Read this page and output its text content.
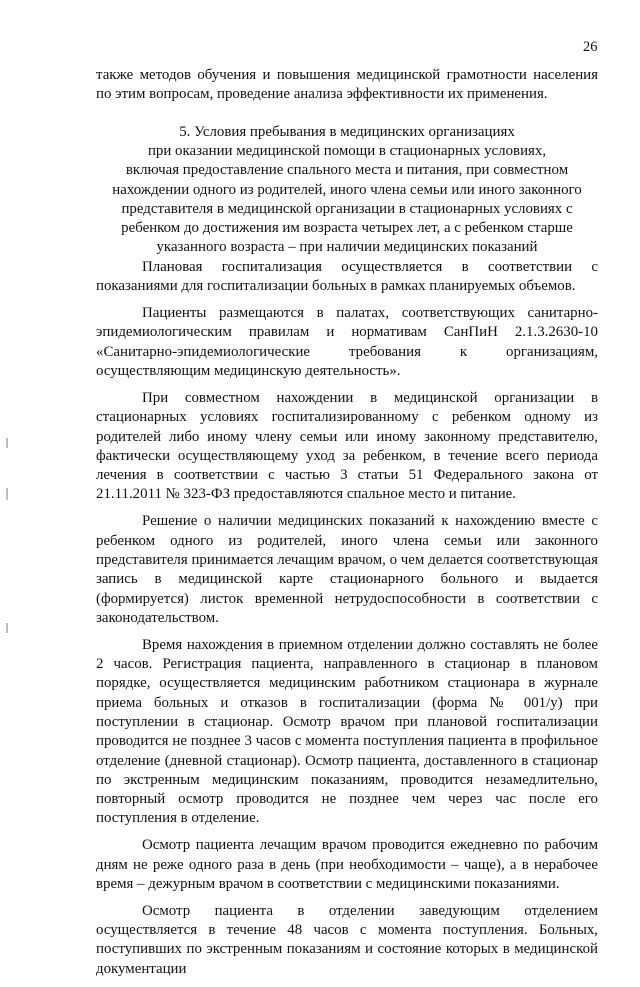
26

также методов обучения и повышения медицинской грамотности населения по этим вопросам, проведение анализа эффективности их применения.

5. Условия пребывания в медицинских организациях
при оказании медицинской помощи в стационарных условиях,
включая предоставление спального места и питания, при совместном
нахождении одного из родителей, иного члена семьи или иного законного
представителя в медицинской организации в стационарных условиях с
ребенком до достижения им возраста четырех лет, а с ребенком старше
указанного возраста – при наличии медицинских показаний

Плановая госпитализация осуществляется в соответствии с показаниями для госпитализации больных в рамках планируемых объемов.

Пациенты размещаются в палатах, соответствующих санитарно-эпидемиологическим правилам и нормативам СанПиН 2.1.3.2630-10 «Санитарно-эпидемиологические требования к организациям, осуществляющим медицинскую деятельность».

При совместном нахождении в медицинской организации в стационарных условиях госпитализированному с ребенком одному из родителей либо иному члену семьи или иному законному представителю, фактически осуществляющему уход за ребенком, в течение всего периода лечения в соответствии с частью 3 статьи 51 Федерального закона от 21.11.2011 № 323-ФЗ предоставляются спальное место и питание.

Решение о наличии медицинских показаний к нахождению вместе с ребенком одного из родителей, иного члена семьи или законного представителя принимается лечащим врачом, о чем делается соответствующая запись в медицинской карте стационарного больного и выдается (формируется) листок временной нетрудоспособности в соответствии с законодательством.

Время нахождения в приемном отделении должно составлять не более 2 часов. Регистрация пациента, направленного в стационар в плановом порядке, осуществляется медицинским работником стационара в журнале приема больных и отказов в госпитализации (форма № 001/у) при поступлении в стационар. Осмотр врачом при плановой госпитализации проводится не позднее 3 часов с момента поступления пациента в профильное отделение (дневной стационар). Осмотр пациента, доставленного в стационар по экстренным медицинским показаниям, проводится незамедлительно, повторный осмотр проводится не позднее чем через час после его поступления в отделение.

Осмотр пациента лечащим врачом проводится ежедневно по рабочим дням не реже одного раза в день (при необходимости – чаще), а в нерабочее время – дежурным врачом в соответствии с медицинскими показаниями.

Осмотр пациента в отделении заведующим отделением осуществляется в течение 48 часов с момента поступления. Больных, поступивших по экстренным показаниям и состояние которых в медицинской документации
